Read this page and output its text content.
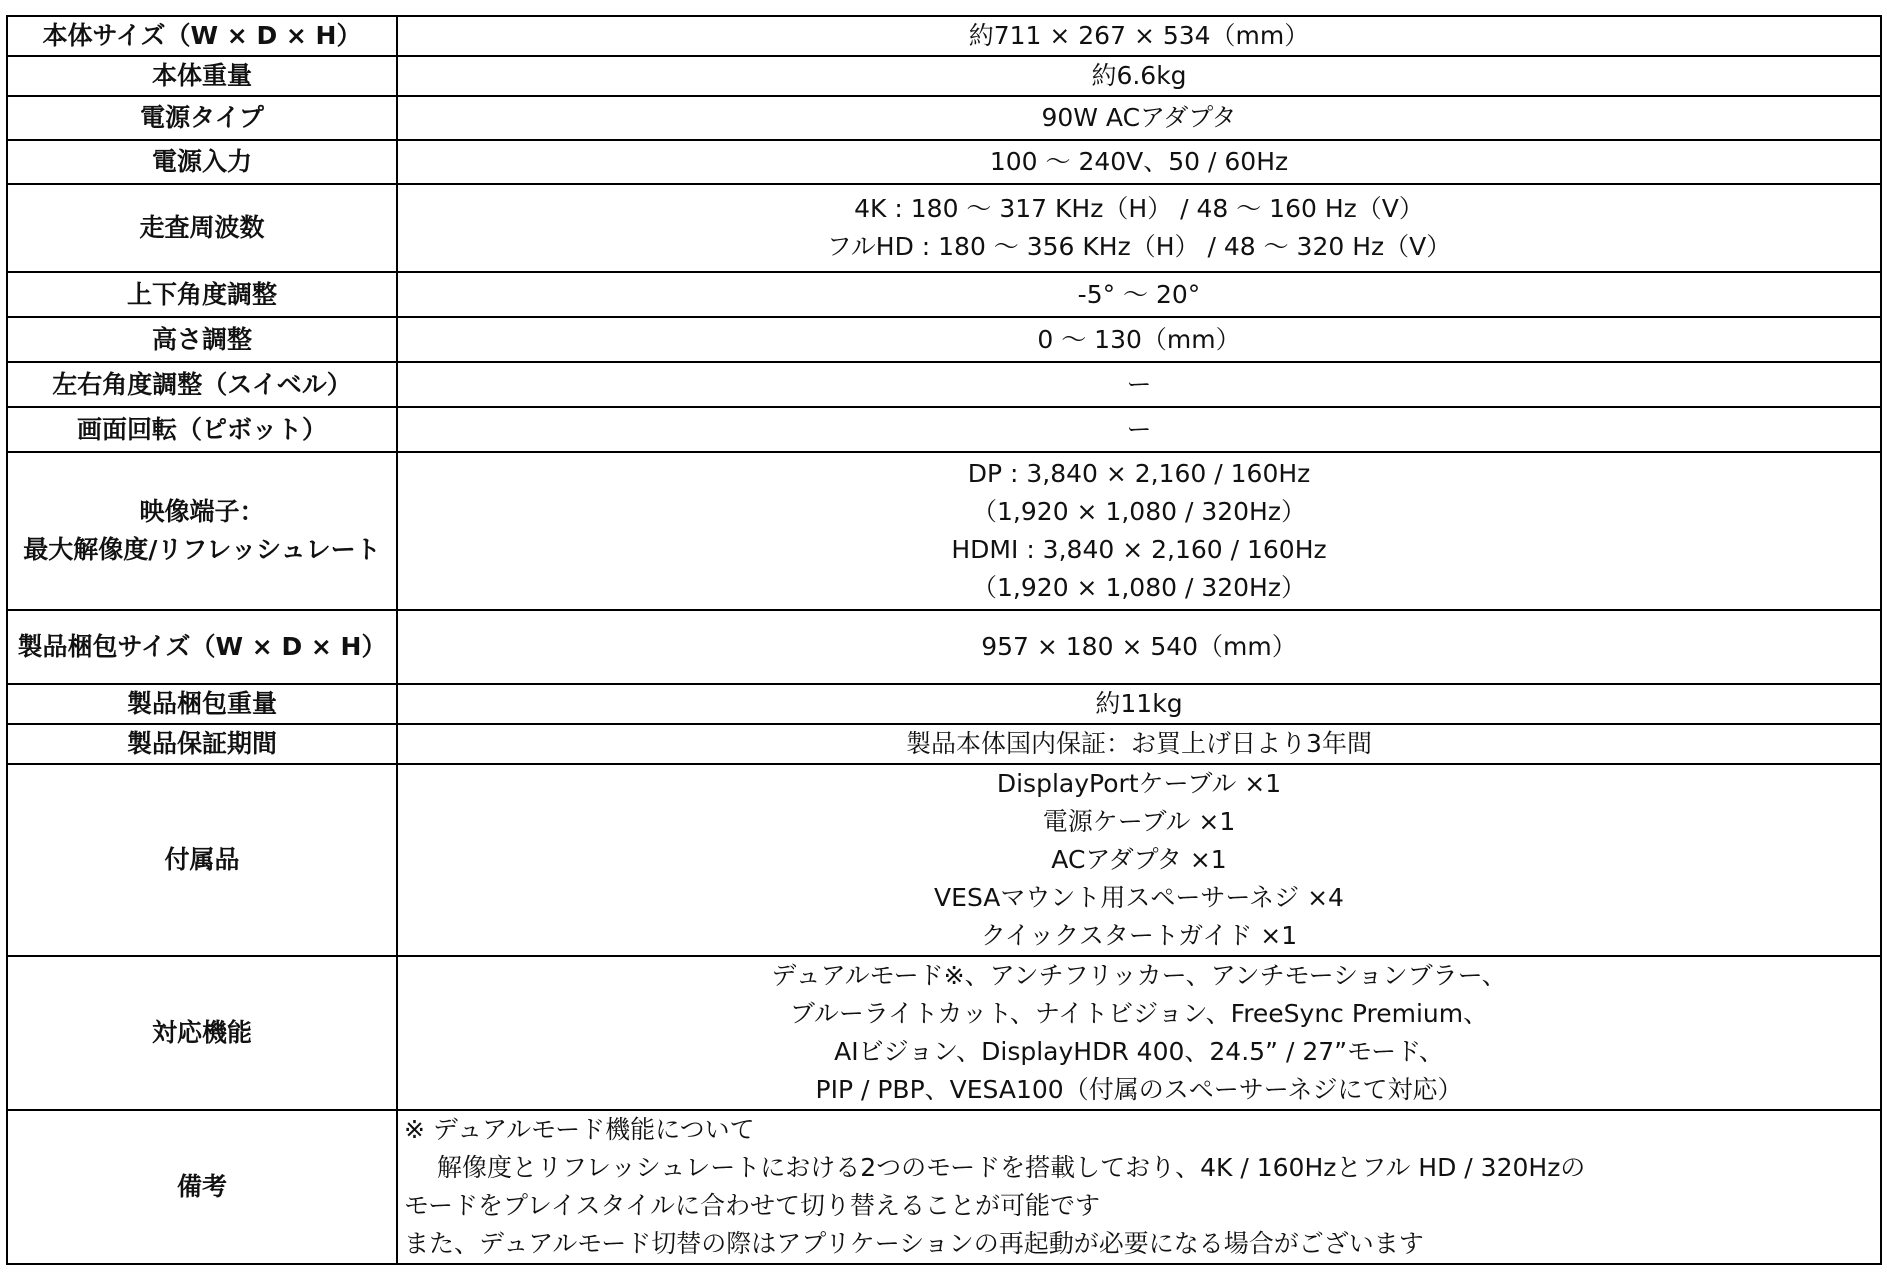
本体サイズ（W × D × H）	約711 × 267 × 534（mm）

本体重量	約6.6kg

電源タイプ	90W ACアダプタ

電源入力	100 ～ 240V、50 / 60Hz

走査周波数	4K : 180 ～ 317 KHz（H） / 48 ～ 160 Hz（V）
フルHD : 180 ～ 356 KHz（H） / 48 ～ 320 Hz（V）

上下角度調整	-5° ～ 20°

高さ調整	0 ～ 130（mm）

左右角度調整（スイベル）	ー

画面回転（ピボット）	ー

映像端子：
最大解像度/リフレッシュレート	DP : 3,840 × 2,160 / 160Hz
（1,920 × 1,080 / 320Hz）
HDMI : 3,840 × 2,160 / 160Hz
（1,920 × 1,080 / 320Hz）

製品梱包サイズ（W × D × H）	957 × 180 × 540（mm）

製品梱包重量	約11kg

製品保証期間	製品本体国内保証：お買上げ日より3年間

付属品	DisplayPortケーブル ×1
電源ケーブル ×1
ACアダプタ ×1
VESAマウント用スペーサーネジ ×4
クイックスタートガイド ×1

対応機能	デュアルモード※、アンチフリッカー、アンチモーションブラー、
ブルーライトカット、ナイトビジョン、FreeSync Premium、
AIビジョン、DisplayHDR 400、24.5” / 27”モード、
PIP / PBP、VESA100（付属のスペーサーネジにて対応）

備考	※ デュアルモード機能について
　 解像度とリフレッシュレートにおける2つのモードを搭載しており、4K / 160Hzとフル HD / 320Hzの
モードをプレイスタイルに合わせて切り替えることが可能です
また、デュアルモード切替の際はアプリケーションの再起動が必要になる場合がございます
